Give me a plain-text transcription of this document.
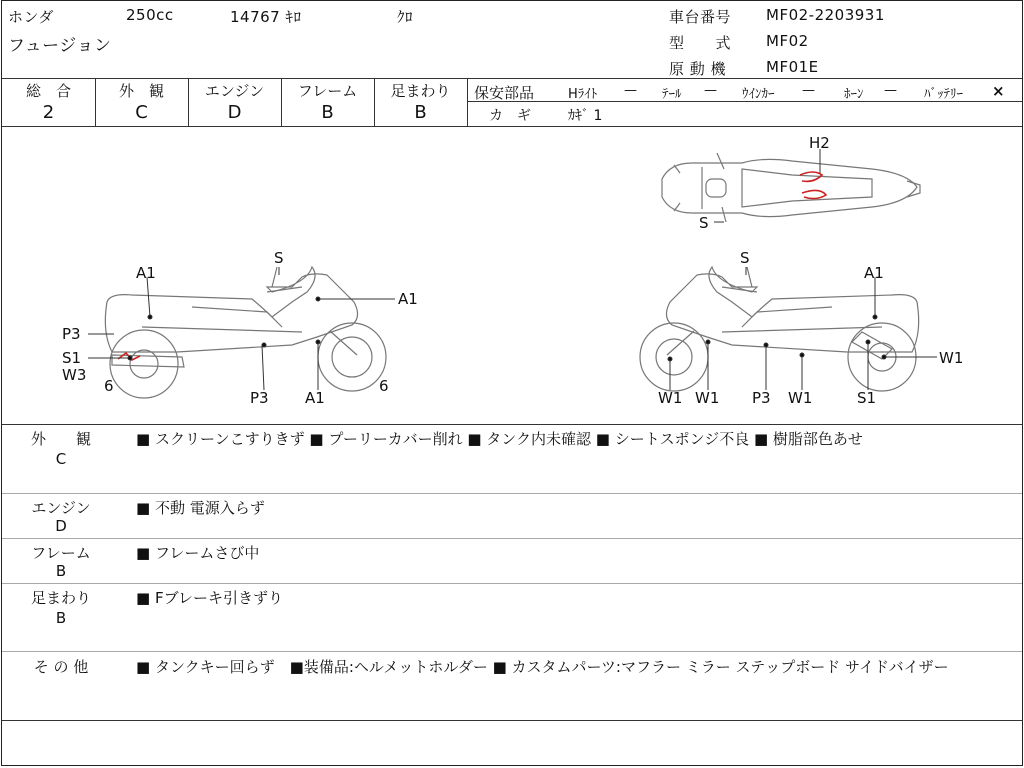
ホンダ	250cc	14767 ｷﾛ	ｸﾛ
フュージョン
車台番号 MF02-2203931
型　　式 MF02
原 動 機	MF01E
総　合
2
外　観
C
エンジン
D
フレーム
B
足まわり
B
保安部品	Hﾗｲﾄ — ﾃｰﾙ — ｳｲﾝｶｰ — ﾎｰﾝ — ﾊﾞｯﾃﾘｰ ×
カ　ギ	ｶｷﾞ 1
H2
S
S
A1
A1
P3
S1
W3
6
P3 A1
6
S
A1
W1
W1 W1 P3 W1	S1
外　　観
C
■ スクリーンこすりきず ■ プーリーカバー削れ ■ タンク内未確認 ■ シートスポンジ不良 ■ 樹脂部色あせ
エンジン
D
■ 不動 電源入らず
フレーム
B
■ フレームさび中
足まわり
B
■ Fブレーキ引きずり
そ の 他	■ タンクキー回らず　■装備品:ヘルメットホルダー ■ カスタムパーツ:マフラー ミラー ステップボード サイドバイザー
